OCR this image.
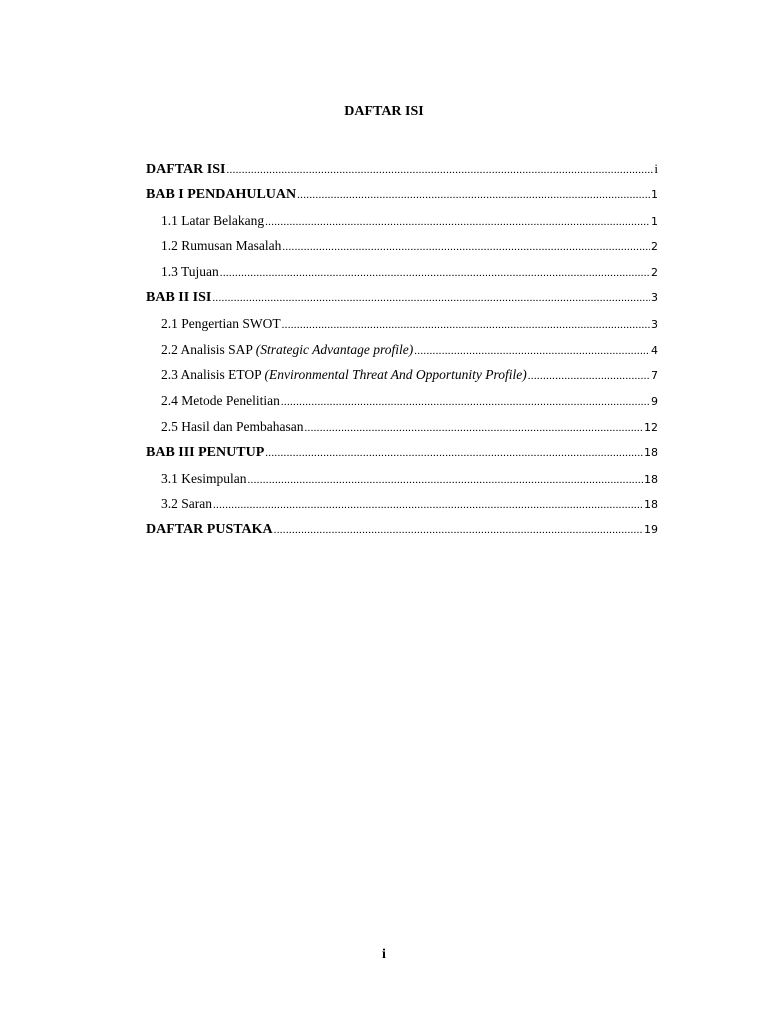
DAFTAR ISI
DAFTAR ISI .....	i
BAB I PENDAHULUAN .....	1
1.1 Latar Belakang .....	1
1.2 Rumusan Masalah .....	2
1.3 Tujuan .....	2
BAB II ISI .....	3
2.1 Pengertian SWOT .....	3
2.2 Analisis SAP (Strategic Advantage profile) .....	4
2.3 Analisis ETOP (Environmental Threat And Opportunity Profile) .....	7
2.4 Metode Penelitian .....	9
2.5 Hasil dan Pembahasan .....	12
BAB III PENUTUP .....	18
3.1 Kesimpulan .....	18
3.2 Saran .....	18
DAFTAR PUSTAKA .....	19
i
